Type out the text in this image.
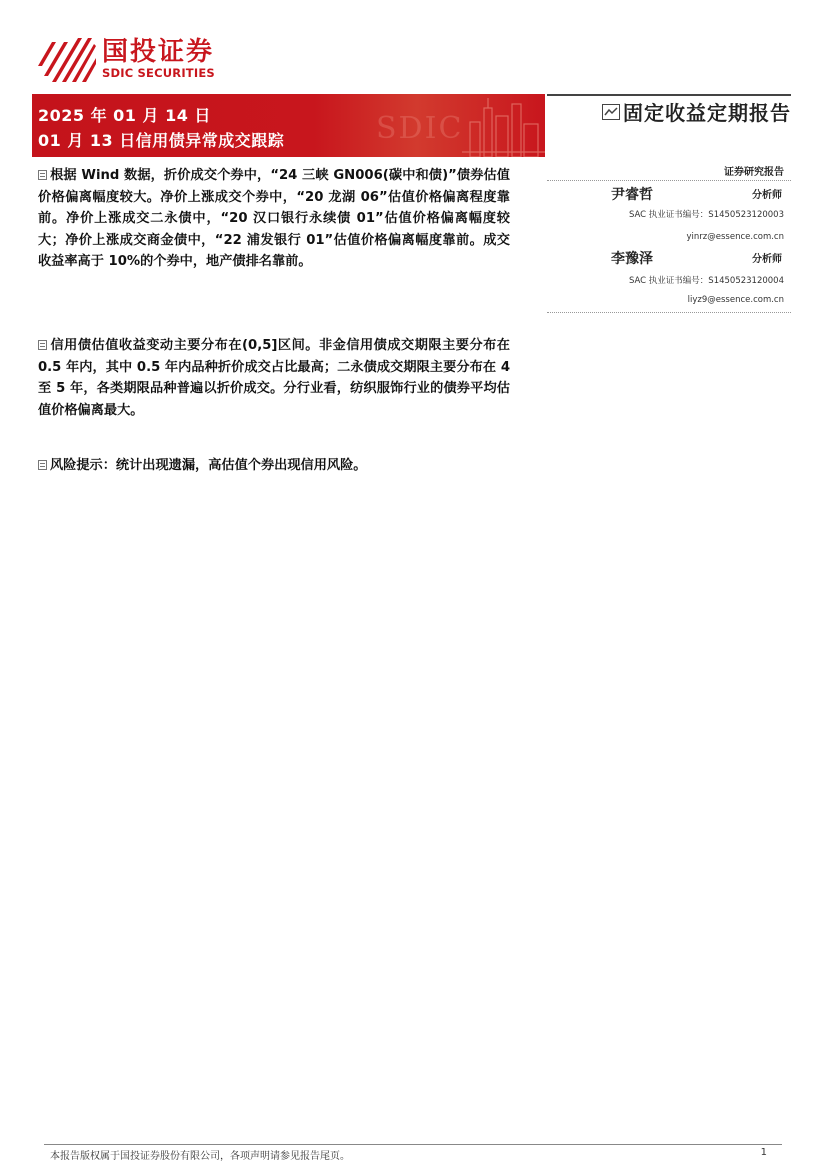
国投证券
SDIC SECURITIES
2025 年 01 月 14 日
01 月 13 日信用债异常成交跟踪	SDIC	固定收益定期报告
证券研究报告
尹睿哲	分析师
SAC 执业证书编号：S1450523120003
yinrz@essence.com.cn
李豫泽	分析师
SAC 执业证书编号：S1450523120004
liyz9@essence.com.cn
根据 Wind 数据，折价成交个券中，“24 三峡 GN006(碳中和债)”债券估值价格偏离幅度较大。净价上涨成交个券中，“20 龙湖 06”估值价格偏离程度靠前。净价上涨成交二永债中，“20 汉口银行永续债 01”估值价格偏离幅度较大；净价上涨成交商金债中，“22 浦发银行 01”估值价格偏离幅度靠前。成交收益率高于 10%的个券中，地产债排名靠前。
信用债估值收益变动主要分布在(0,5]区间。非金信用债成交期限主要分布在 0.5 年内，其中 0.5 年内品种折价成交占比最高；二永债成交期限主要分布在 4 至 5 年，各类期限品种普遍以折价成交。分行业看，纺织服饰行业的债券平均估值价格偏离最大。
风险提示：统计出现遗漏，高估值个券出现信用风险。
本报告版权属于国投证券股份有限公司，各项声明请参见报告尾页。	1
